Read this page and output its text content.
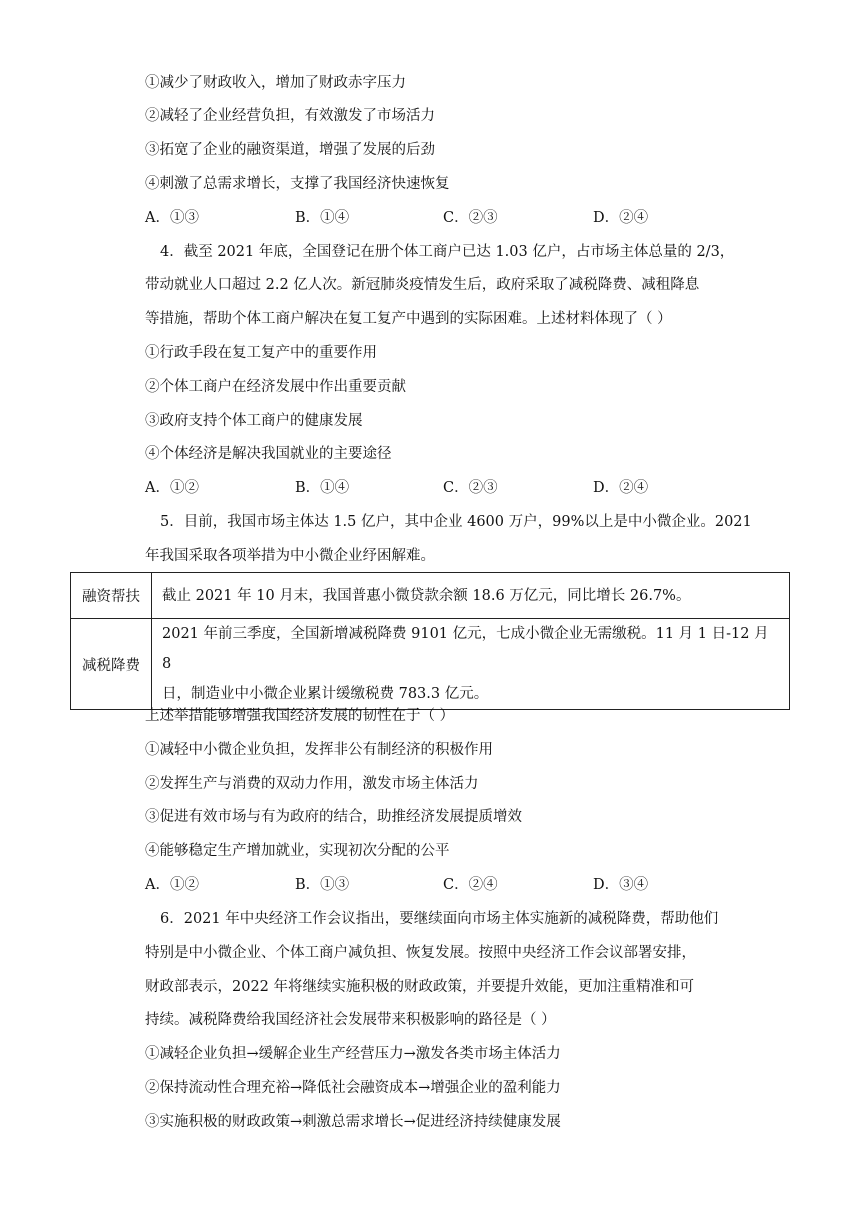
①减少了财政收入，增加了财政赤字压力
②减轻了企业经营负担，有效激发了市场活力
③拓宽了企业的融资渠道，增强了发展的后劲
④刺激了总需求增长，支撑了我国经济快速恢复
A．①③	B．①④	C．②③	D．②④
4．截至 2021 年底，全国登记在册个体工商户已达 1.03 亿户，占市场主体总量的 2/3，
带动就业人口超过 2.2 亿人次。新冠肺炎疫情发生后，政府采取了减税降费、减租降息
等措施，帮助个体工商户解决在复工复产中遇到的实际困难。上述材料体现了（ ）
①行政手段在复工复产中的重要作用
②个体工商户在经济发展中作出重要贡献
③政府支持个体工商户的健康发展
④个体经济是解决我国就业的主要途径
A．①②	B．①④	C．②③	D．②④
5．目前，我国市场主体达 1.5 亿户，其中企业 4600 万户，99%以上是中小微企业。2021
年我国采取各项举措为中小微企业纾困解难。
融资帮扶	截止 2021 年 10 月末，我国普惠小微贷款余额 18.6 万亿元，同比增长 26.7%。

减税降费	2021 年前三季度，全国新增减税降费 9101 亿元，七成小微企业无需缴税。11 月 1 日-12 月 8
日，制造业中小微企业累计缓缴税费 783.3 亿元。
上述举措能够增强我国经济发展的韧性在于（ ）
①减轻中小微企业负担，发挥非公有制经济的积极作用
②发挥生产与消费的双动力作用，激发市场主体活力
③促进有效市场与有为政府的结合，助推经济发展提质增效
④能够稳定生产增加就业，实现初次分配的公平
A．①②	B．①③	C．②④	D．③④
6．2021 年中央经济工作会议指出，要继续面向市场主体实施新的减税降费，帮助他们
特别是中小微企业、个体工商户减负担、恢复发展。按照中央经济工作会议部署安排，
财政部表示，2022 年将继续实施积极的财政政策，并要提升效能，更加注重精准和可
持续。减税降费给我国经济社会发展带来积极影响的路径是（ ）
①减轻企业负担→缓解企业生产经营压力→激发各类市场主体活力
②保持流动性合理充裕→降低社会融资成本→增强企业的盈利能力
③实施积极的财政政策→刺激总需求增长→促进经济持续健康发展
